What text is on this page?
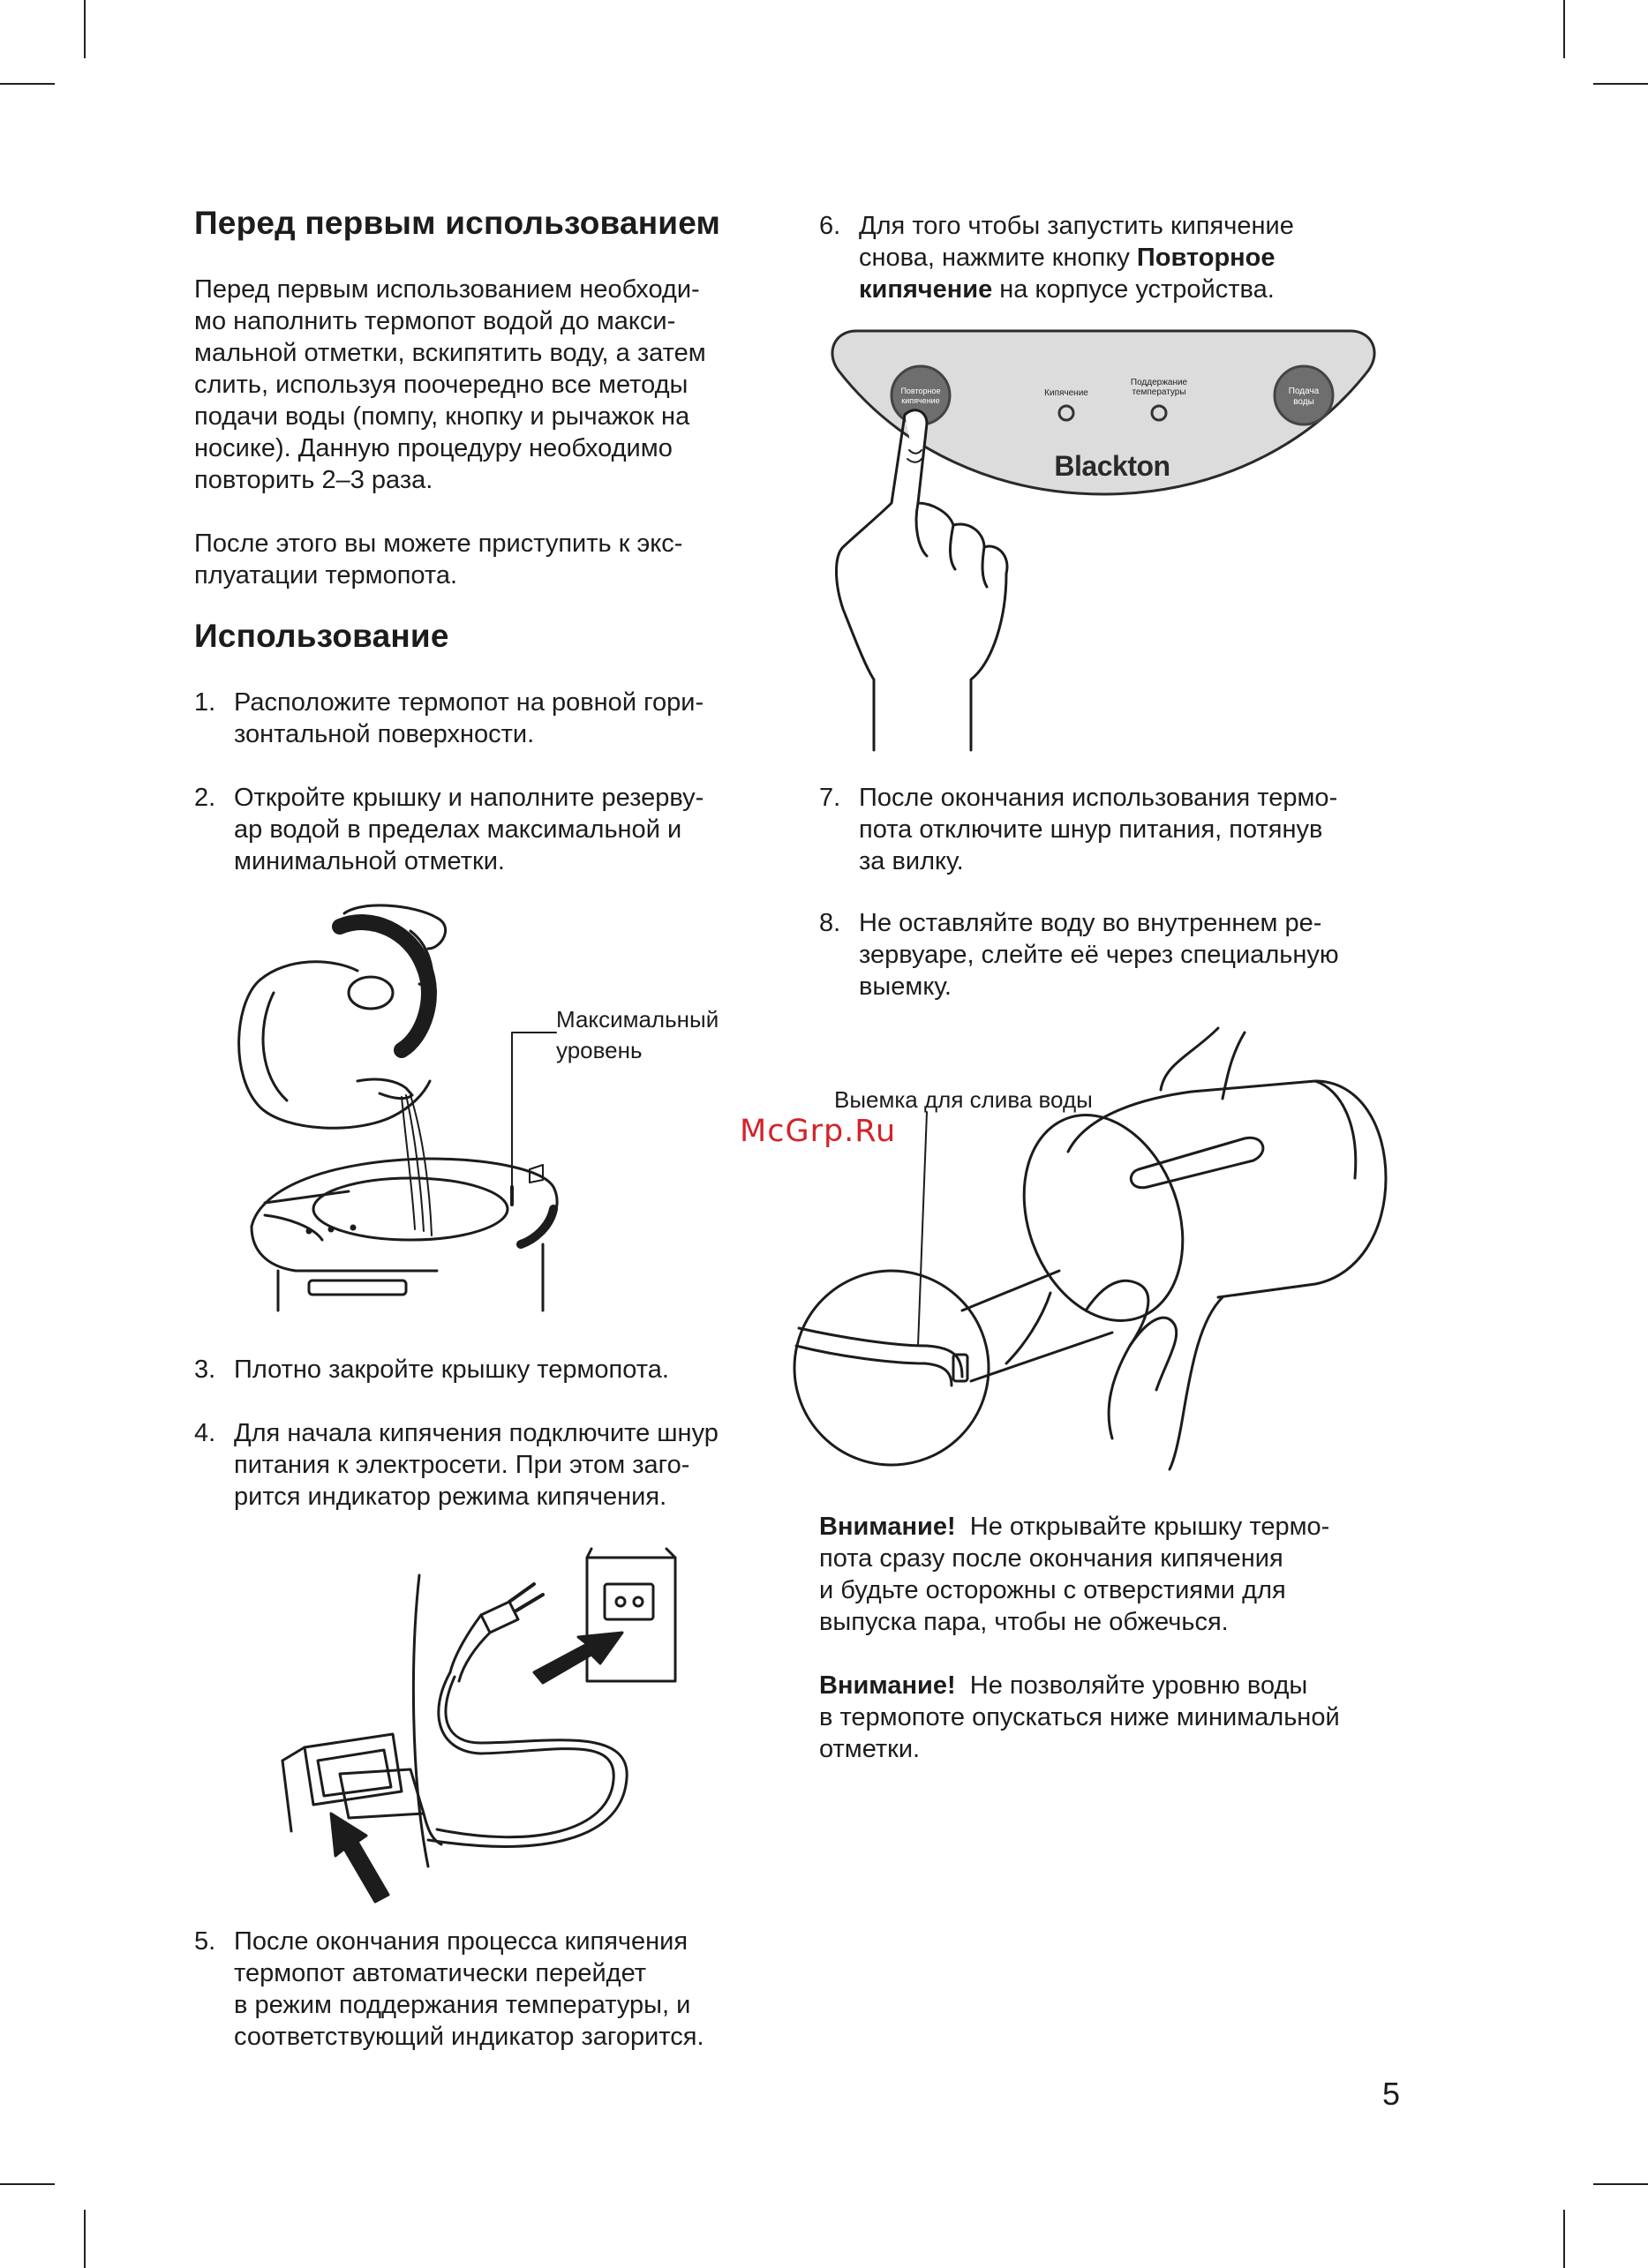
Перед первым использованием
Перед первым использованием необходи-
мо наполнить термопот водой до макси-
мальной отметки, вскипятить воду, а затем
слить, используя поочередно все методы
подачи воды (помпу, кнопку и рычажок на
носике). Данную процедуру необходимо
повторить 2–3 раза.
После этого вы можете приступить к экс-
плуатации термопота.
Использование
1. Расположите термопот на ровной гори-
зонтальной поверхности.
2. Откройте крышку и наполните резерву-
ар водой в пределах максимальной и
минимальной отметки.
Максимальный
уровень
3. Плотно закройте крышку термопота.
4. Для начала кипячения подключите шнур
питания к электросети. При этом заго-
рится индикатор режима кипячения.
5. После окончания процесса кипячения
термопот автоматически перейдет
в режим поддержания температуры, и
соответствующий индикатор загорится.
6. Для того чтобы запустить кипячение
снова, нажмите кнопку Повторное
кипячение на корпусе устройства.
Повторное
кипячение
Кипячение
Поддержание
температуры	Подача
воды
Blackton
7. После окончания использования термо-
пота отключите шнур питания, потянув
за вилку.
8. Не оставляйте воду во внутреннем ре-
зервуаре, слейте её через специальную
выемку.
Выемка для слива воды
McGrp.Ru
Внимание! Не открывайте крышку термо-
пота сразу после окончания кипячения
и будьте осторожны с отверстиями для
выпуска пара, чтобы не обжечься.
Внимание! Не позволяйте уровню воды
в термопоте опускаться ниже минимальной
отметки.
5
